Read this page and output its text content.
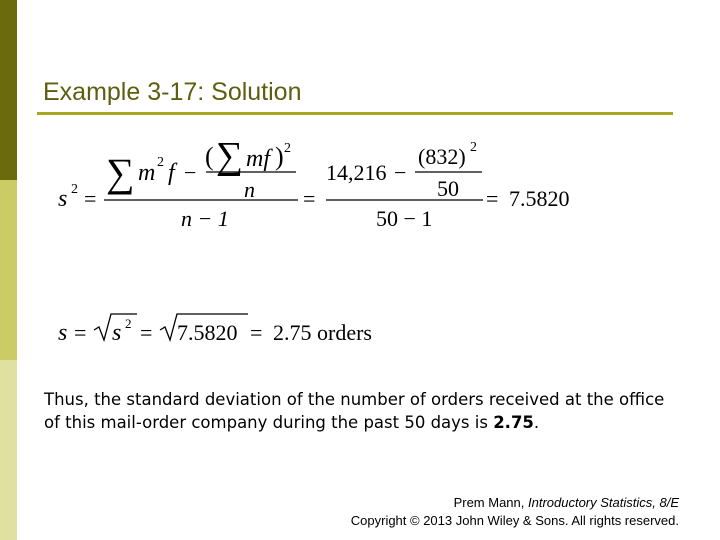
Example 3-17: Solution
s 2 =
∑ m 2 f −
( ∑ mf ) 2
n
n − 1
=
14,216 −
(832) 2
50
50 − 1
= 7.5820
s = s 2 = 7.5820 = 2.75 orders
Thus, the standard deviation of the number of orders received at the office of this mail-order company during the past 50 days is 2.75.
Prem Mann, Introductory Statistics, 8/E
Copyright © 2013 John Wiley & Sons. All rights reserved.
